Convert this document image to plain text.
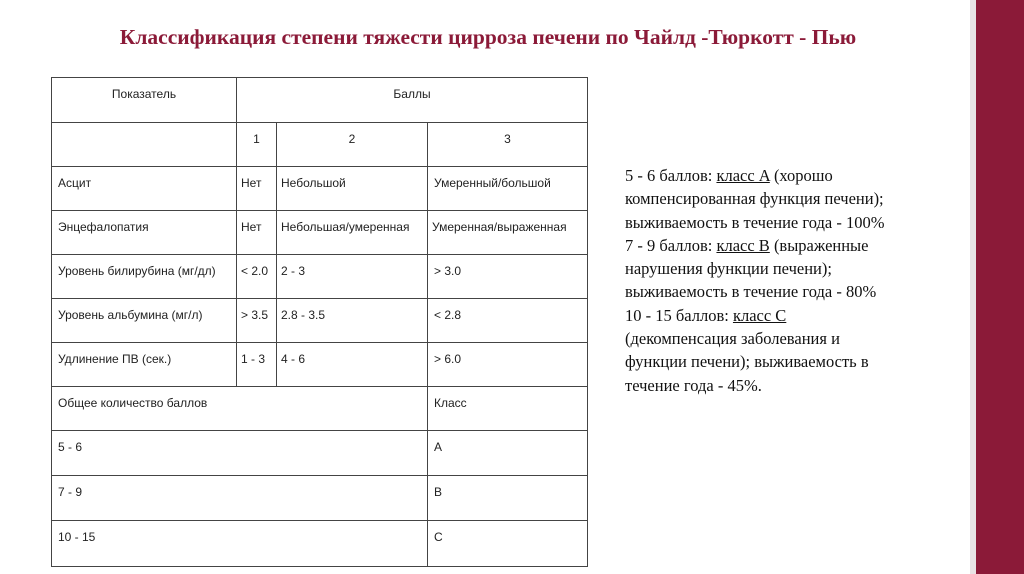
Классификация степени тяжести цирроза печени по Чайлд -Тюркотт - Пью
Показатель	Баллы		
	1	2	3
Асцит	Нет	Небольшой	Умеренный/большой
Энцефалопатия	Нет	Небольшая/умеренная	Умеренная/выраженная
Уровень билирубина (мг/дл)	< 2.0	2 - 3	> 3.0
Уровень альбумина (мг/л)	> 3.5	2.8 - 3.5	< 2.8
Удлинение ПВ (сек.)	1 - 3	4 - 6	> 6.0
Общее количество баллов			Класс
5 - 6			A
7 - 9			B
10 - 15			C
5 - 6 баллов: класс A (хорошо
компенсированная функция печени);
выживаемость в течение года - 100%
7 - 9 баллов: класс B (выраженные
нарушения функции печени);
выживаемость в течение года - 80%
10 - 15 баллов: класс C
(декомпенсация заболевания и
функции печени); выживаемость в
течение года - 45%.
